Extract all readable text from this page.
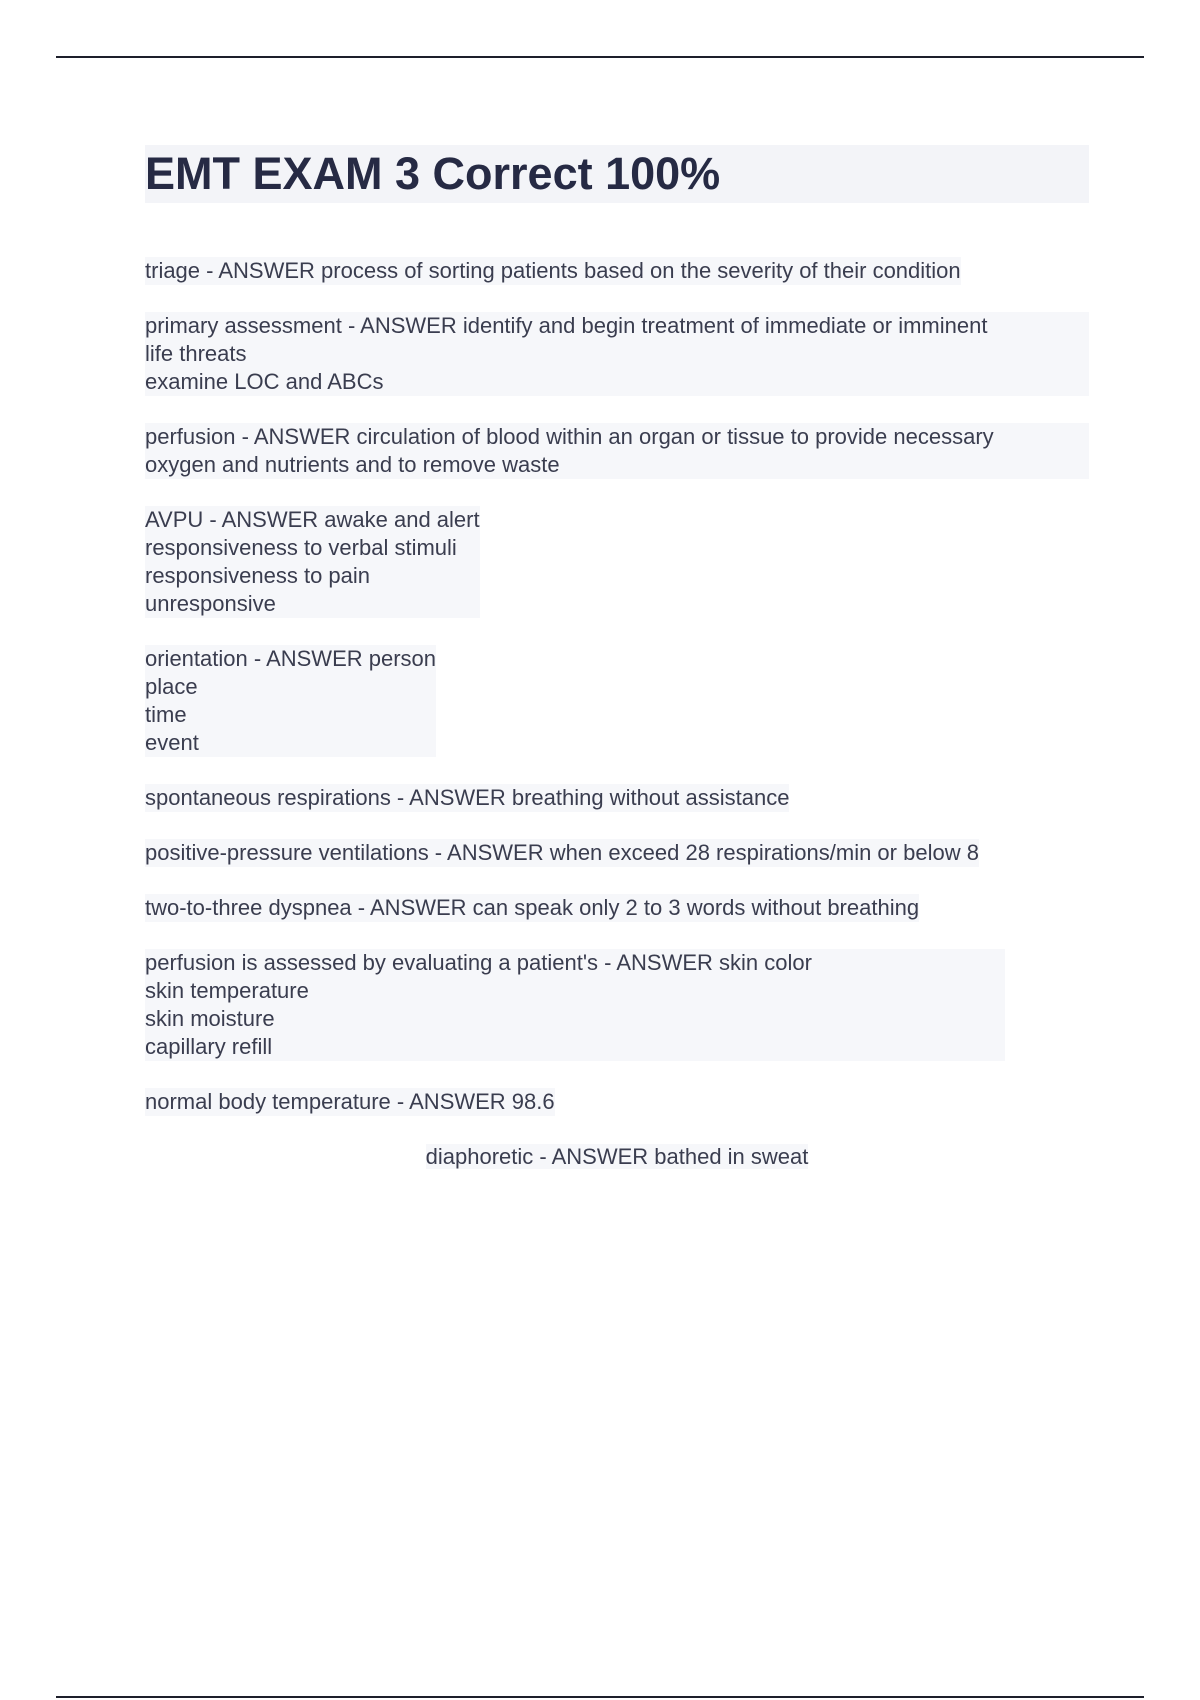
EMT EXAM 3 Correct 100%
triage - ANSWER process of sorting patients based on the severity of their condition
primary assessment - ANSWER identify and begin treatment of immediate or imminent
life threats
examine LOC and ABCs
perfusion - ANSWER circulation of blood within an organ or tissue to provide necessary
oxygen and nutrients and to remove waste
AVPU - ANSWER awake and alert
responsiveness to verbal stimuli
responsiveness to pain
unresponsive
orientation - ANSWER person
place
time
event
spontaneous respirations - ANSWER breathing without assistance
positive-pressure ventilations - ANSWER when exceed 28 respirations/min or below 8
two-to-three dyspnea - ANSWER can speak only 2 to 3 words without breathing
perfusion is assessed by evaluating a patient's - ANSWER skin color
skin temperature
skin moisture
capillary refill
normal body temperature - ANSWER 98.6
diaphoretic - ANSWER bathed in sweat
